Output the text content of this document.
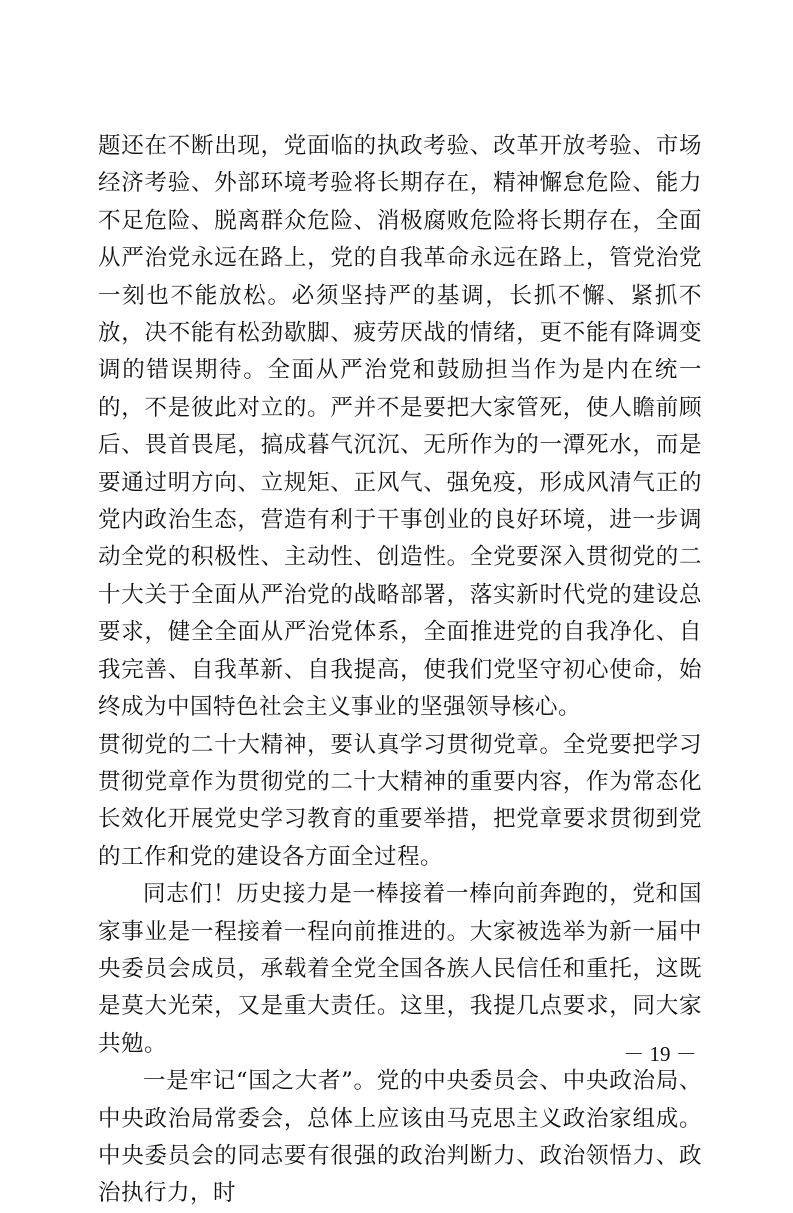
题还在不断出现，党面临的执政考验、改革开放考验、市场经济考验、外部环境考验将长期存在，精神懈怠危险、能力不足危险、脱离群众危险、消极腐败危险将长期存在，全面从严治党永远在路上，党的自我革命永远在路上，管党治党一刻也不能放松。必须坚持严的基调，长抓不懈、紧抓不放，决不能有松劲歇脚、疲劳厌战的情绪，更不能有降调变调的错误期待。全面从严治党和鼓励担当作为是内在统一的，不是彼此对立的。严并不是要把大家管死，使人瞻前顾后、畏首畏尾，搞成暮气沉沉、无所作为的一潭死水，而是要通过明方向、立规矩、正风气、强免疫，形成风清气正的党内政治生态，营造有利于干事创业的良好环境，进一步调动全党的积极性、主动性、创造性。全党要深入贯彻党的二十大关于全面从严治党的战略部署，落实新时代党的建设总要求，健全全面从严治党体系，全面推进党的自我净化、自我完善、自我革新、自我提高，使我们党坚守初心使命，始终成为中国特色社会主义事业的坚强领导核心。

贯彻党的二十大精神，要认真学习贯彻党章。全党要把学习贯彻党章作为贯彻党的二十大精神的重要内容，作为常态化长效化开展党史学习教育的重要举措，把党章要求贯彻到党的工作和党的建设各方面全过程。

同志们！历史接力是一棒接着一棒向前奔跑的，党和国家事业是一程接着一程向前推进的。大家被选举为新一届中央委员会成员，承载着全党全国各族人民信任和重托，这既是莫大光荣，又是重大责任。这里，我提几点要求，同大家共勉。

一是牢记“国之大者”。党的中央委员会、中央政治局、中央政治局常委会，总体上应该由马克思主义政治家组成。中央委员会的同志要有很强的政治判断力、政治领悟力、政治执行力，时

－ 19 －
